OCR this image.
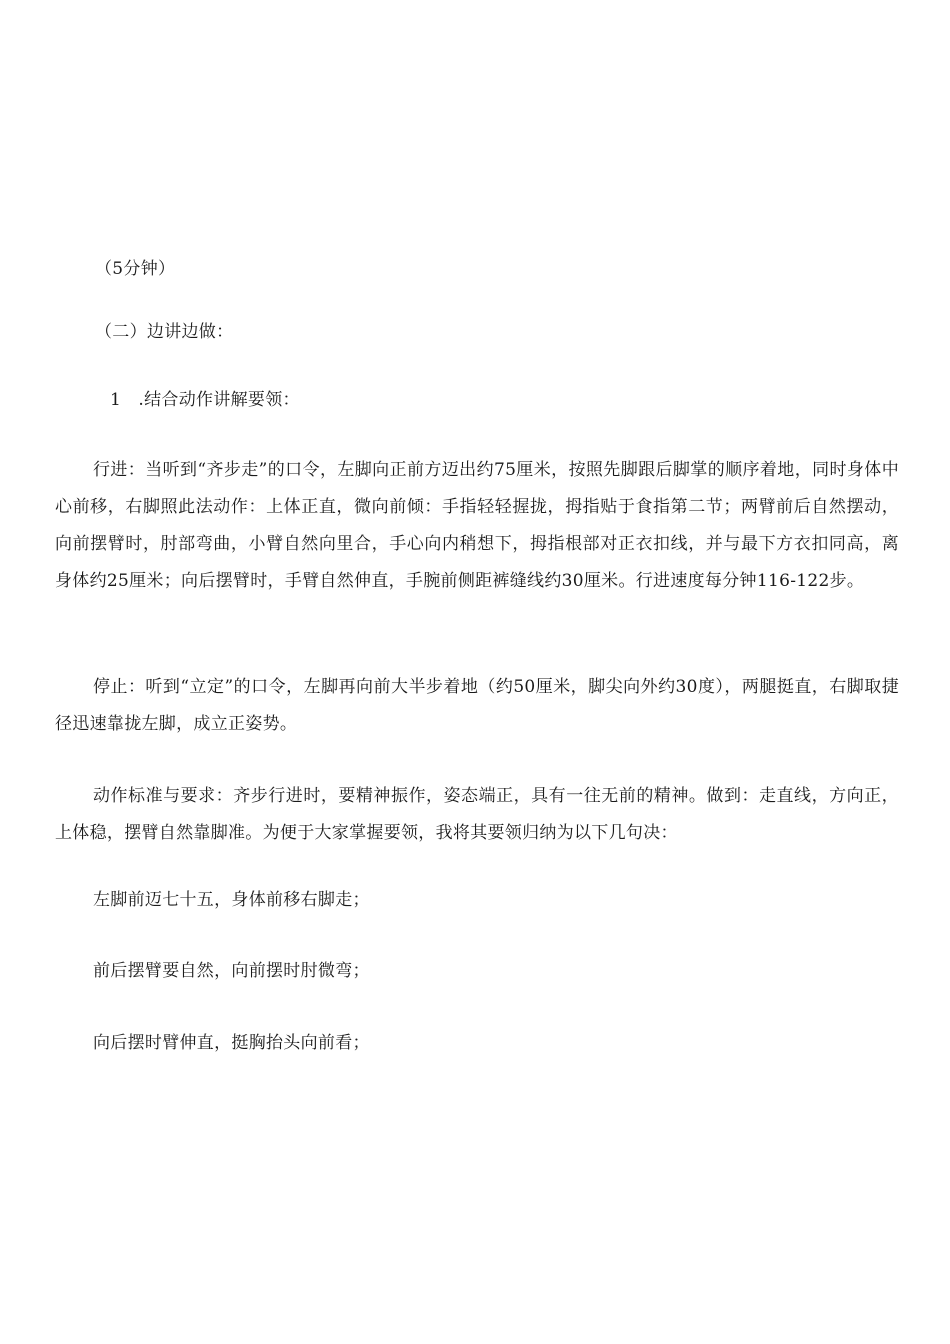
（5分钟）
（二）边讲边做：
1　.结合动作讲解要领：
行进：当听到“齐步走”的口令，左脚向正前方迈出约75厘米，按照先脚跟后脚掌的顺序着地，同时身体中心前移，右脚照此法动作：上体正直，微向前倾：手指轻轻握拢，拇指贴于食指第二节；两臂前后自然摆动，向前摆臂时，肘部弯曲，小臂自然向里合，手心向内稍想下，拇指根部对正衣扣线，并与最下方衣扣同高，离身体约25厘米；向后摆臂时，手臂自然伸直，手腕前侧距裤缝线约30厘米。行进速度每分钟116-122步。
停止：听到“立定”的口令，左脚再向前大半步着地（约50厘米，脚尖向外约30度），两腿挺直，右脚取捷径迅速靠拢左脚，成立正姿势。
动作标准与要求：齐步行进时，要精神振作，姿态端正，具有一往无前的精神。做到：走直线，方向正，上体稳，摆臂自然靠脚准。为便于大家掌握要领，我将其要领归纳为以下几句决：
左脚前迈七十五，身体前移右脚走；
前后摆臂要自然，向前摆时肘微弯；
向后摆时臂伸直，挺胸抬头向前看；
